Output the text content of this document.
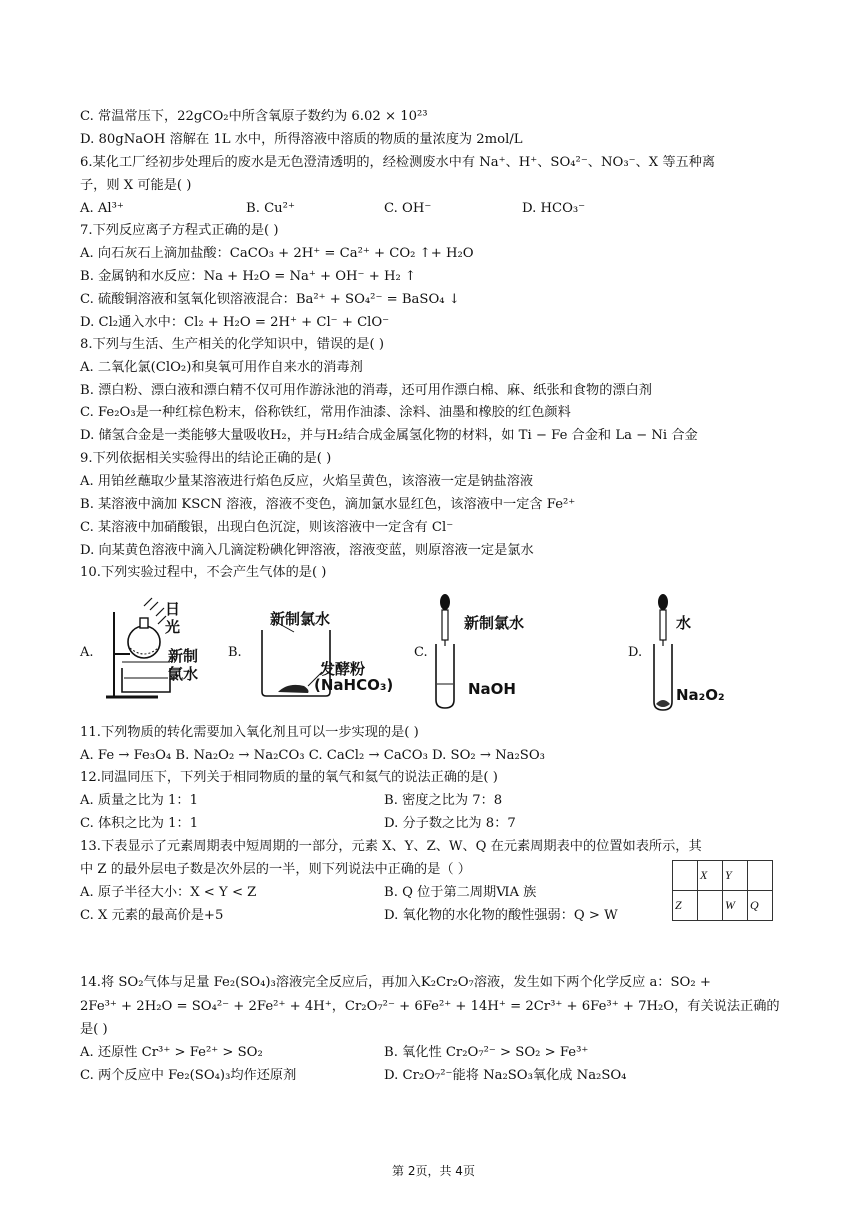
C. 常温常压下，22gCO₂中所含氧原子数约为 6.02 × 10²³
D. 80gNaOH 溶解在 1L 水中，所得溶液中溶质的物质的量浓度为 2mol/L
6.某化工厂经初步处理后的废水是无色澄清透明的，经检测废水中有 Na⁺、H⁺、SO₄²⁻、NO₃⁻、X 等五种离
子，则 X 可能是( )
A. Al³⁺	B. Cu²⁺	C. OH⁻	D. HCO₃⁻
7.下列反应离子方程式正确的是( )
A. 向石灰石上滴加盐酸：CaCO₃ + 2H⁺ = Ca²⁺ + CO₂ ↑+ H₂O
B. 金属钠和水反应：Na + H₂O = Na⁺ + OH⁻ + H₂ ↑
C. 硫酸铜溶液和氢氧化钡溶液混合：Ba²⁺ + SO₄²⁻ = BaSO₄ ↓
D. Cl₂通入水中：Cl₂ + H₂O = 2H⁺ + Cl⁻ + ClO⁻
8.下列与生活、生产相关的化学知识中，错误的是( )
A. 二氧化氯(ClO₂)和臭氧可用作自来水的消毒剂
B. 漂白粉、漂白液和漂白精不仅可用作游泳池的消毒，还可用作漂白棉、麻、纸张和食物的漂白剂
C. Fe₂O₃是一种红棕色粉末，俗称铁红，常用作油漆、涂料、油墨和橡胶的红色颜料
D. 储氢合金是一类能够大量吸收H₂，并与H₂结合成金属氢化物的材料，如 Ti − Fe 合金和 La − Ni 合金
9.下列依据相关实验得出的结论正确的是( )
A. 用铂丝蘸取少量某溶液进行焰色反应，火焰呈黄色，该溶液一定是钠盐溶液
B. 某溶液中滴加 KSCN 溶液，溶液不变色，滴加氯水显红色，该溶液中一定含 Fe²⁺
C. 某溶液中加硝酸银，出现白色沉淀，则该溶液中一定含有 Cl⁻
D. 向某黄色溶液中滴入几滴淀粉碘化钾溶液，溶液变蓝，则原溶液一定是氯水
10.下列实验过程中，不会产生气体的是( )
A.
日
光
新制
氯水
B.
新制氯水
发酵粉
(NaHCO₃)
C.
新制氯水
NaOH
D.
水
Na₂O₂
11.下列物质的转化需要加入氧化剂且可以一步实现的是( )
A. Fe → Fe₃O₄ B. Na₂O₂ → Na₂CO₃ C. CaCl₂ → CaCO₃ D. SO₂ → Na₂SO₃
12.同温同压下，下列关于相同物质的量的氧气和氦气的说法正确的是( )
A. 质量之比为 1：1	B. 密度之比为 7：8
C. 体积之比为 1：1	D. 分子数之比为 8：7
13.下表显示了元素周期表中短周期的一部分，元素 X、Y、Z、W、Q 在元素周期表中的位置如表所示，其
中 Z 的最外层电子数是次外层的一半，则下列说法中正确的是（ ）
A. 原子半径大小：X < Y < Z	B. Q 位于第二周期ⅥA 族
C. X 元素的最高价是+5	D. 氧化物的水化物的酸性强弱：Q > W
	X	Y	
Z		W	Q
14.将 SO₂气体与足量 Fe₂(SO₄)₃溶液完全反应后，再加入K₂Cr₂O₇溶液，发生如下两个化学反应 a：SO₂ +
2Fe³⁺ + 2H₂O = SO₄²⁻ + 2Fe²⁺ + 4H⁺，Cr₂O₇²⁻ + 6Fe²⁺ + 14H⁺ = 2Cr³⁺ + 6Fe³⁺ + 7H₂O，有关说法正确的
是( )
A. 还原性 Cr³⁺ > Fe²⁺ > SO₂	B. 氧化性 Cr₂O₇²⁻ > SO₂ > Fe³⁺
C. 两个反应中 Fe₂(SO₄)₃均作还原剂	D. Cr₂O₇²⁻能将 Na₂SO₃氧化成 Na₂SO₄
第 2页，共 4页
